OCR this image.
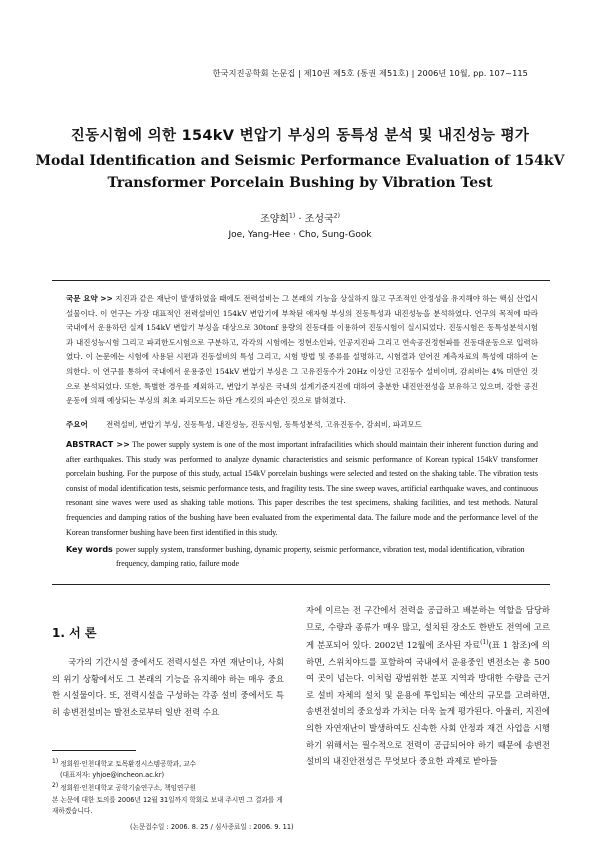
한국지진공학회 논문집 | 제10권 제5호 (통권 제51호) | 2006년 10월, pp. 107~115
진동시험에 의한 154kV 변압기 부싱의 동특성 분석 및 내진성능 평가
Modal Identification and Seismic Performance Evaluation of 154kV
Transformer Porcelain Bushing by Vibration Test
조양희$^{1)}$ · 조성국$^{2)}$
Joe, Yang-Hee · Cho, Sung-Gook
국문 요약 >> 지진과 같은 재난이 발생하였을 때에도 전력설비는 그 본래의 기능을 상실하지 않고 구조적인 안정성을 유지해야 하는 핵심 산업시설물이다. 이 연구는 가장 대표적인 전력설비인 154kV 변압기에 부착된 애자형 부싱의 진동특성과 내진성능을 분석하였다. 연구의 목적에 따라 국내에서 운용하던 실제 154kV 변압기 부싱을 대상으로 30tonf 용량의 진동대를 이용하여 진동시험이 실시되었다. 진동시험은 동특성분석시험과 내진성능시험 그리고 파괴한도시험으로 구분하고, 각각의 시험에는 정현소인파, 인공지진파 그리고 연속공진정현파를 진동대운동으로 입력하였다. 이 논문에는 시험에 사용된 시편과 진동설비의 특성 그리고, 시험 방법 및 종류를 설명하고, 시험결과 얻어진 계측자료의 특성에 대하여 논의한다. 이 연구를 통하여 국내에서 운용중인 154kV 변압기 부싱은 그 고유진동수가 20Hz 이상인 고진동수 설비이며, 감쇠비는 4% 미만인 것으로 분석되었다. 또한, 특별한 경우를 제외하고, 변압기 부싱은 국내의 설계기준지진에 대하여 충분한 내진안전성을 보유하고 있으며, 강한 공진운동에 의해 예상되는 부싱의 최초 파괴모드는 하단 개스킷의 파손인 것으로 밝혀졌다.
주요어 전력설비, 변압기 부싱, 진동특성, 내진성능, 진동시험, 동특성분석, 고유진동수, 감쇠비, 파괴모드
ABSTRACT >> The power supply system is one of the most important infrafacilities which should maintain their inherent function during and after earthquakes. This study was performed to analyze dynamic characteristics and seismic performance of Korean typical 154kV transformer porcelain bushing. For the purpose of this study, actual 154kV porcelain bushings were selected and tested on the shaking table. The vibration tests consist of modal identification tests, seismic performance tests, and fragility tests. The sine sweep waves, artificial earthquake waves, and continuous resonant sine waves were used as shaking table motions. This paper describes the test specimens, shaking facilities, and test methods. Natural frequencies and damping ratios of the bushing have been evaluated from the experimental data. The failure mode and the performance level of the Korean transformer bushing have been first identified in this study.
Key words power supply system, transformer bushing, dynamic property, seismic performance, vibration test, modal identification, vibration frequency, damping ratio, failure mode
1. 서 론
국가의 기간시설 중에서도 전력시설은 자연 재난이나, 사회의 위기 상황에서도 그 본래의 기능을 유지해야 하는 매우 중요한 시설물이다. 또, 전력시설을 구성하는 각종 설비 중에서도 특히 송변전설비는 발전소로부터 일반 전력 수요
자에 이르는 전 구간에서 전력을 공급하고 배분하는 역할을 담당하므로, 수량과 종류가 매우 많고, 설치된 장소도 한반도 전역에 고르게 분포되어 있다. 2002년 12월에 조사된 자료$^{(1)}$(표 1 참조)에 의하면, 스위치야드를 포함하여 국내에서 운용중인 변전소는 총 500여 곳이 넘는다. 이처럼 광범위한 분포 지역과 방대한 수량을 근거로 설비 자체의 설치 및 운용에 투입되는 예산의 규모를 고려하면, 송변전설비의 중요성과 가치는 더욱 높게 평가된다. 아울러, 지진에 의한 자연재난이 발생하여도 신속한 사회 안정과 재건 사업을 시행하기 위해서는 필수적으로 전력이 공급되어야 하기 때문에 송변전설비의 내진안전성은 무엇보다 중요한 과제로 받아들
$^{1)}$ 정회원·인천대학교 토목환경시스템공학과, 교수
(대표저자: yhjoe@incheon.ac.kr)
$^{2)}$ 정회원·인천대학교 공학기술연구소, 책임연구원
본 논문에 대한 토의를 2006년 12월 31일까지 학회로 보내 주시면 그 결과를 게재하겠습니다.
(논문접수일 : 2006. 8. 25 / 심사종료일 : 2006. 9. 11)
